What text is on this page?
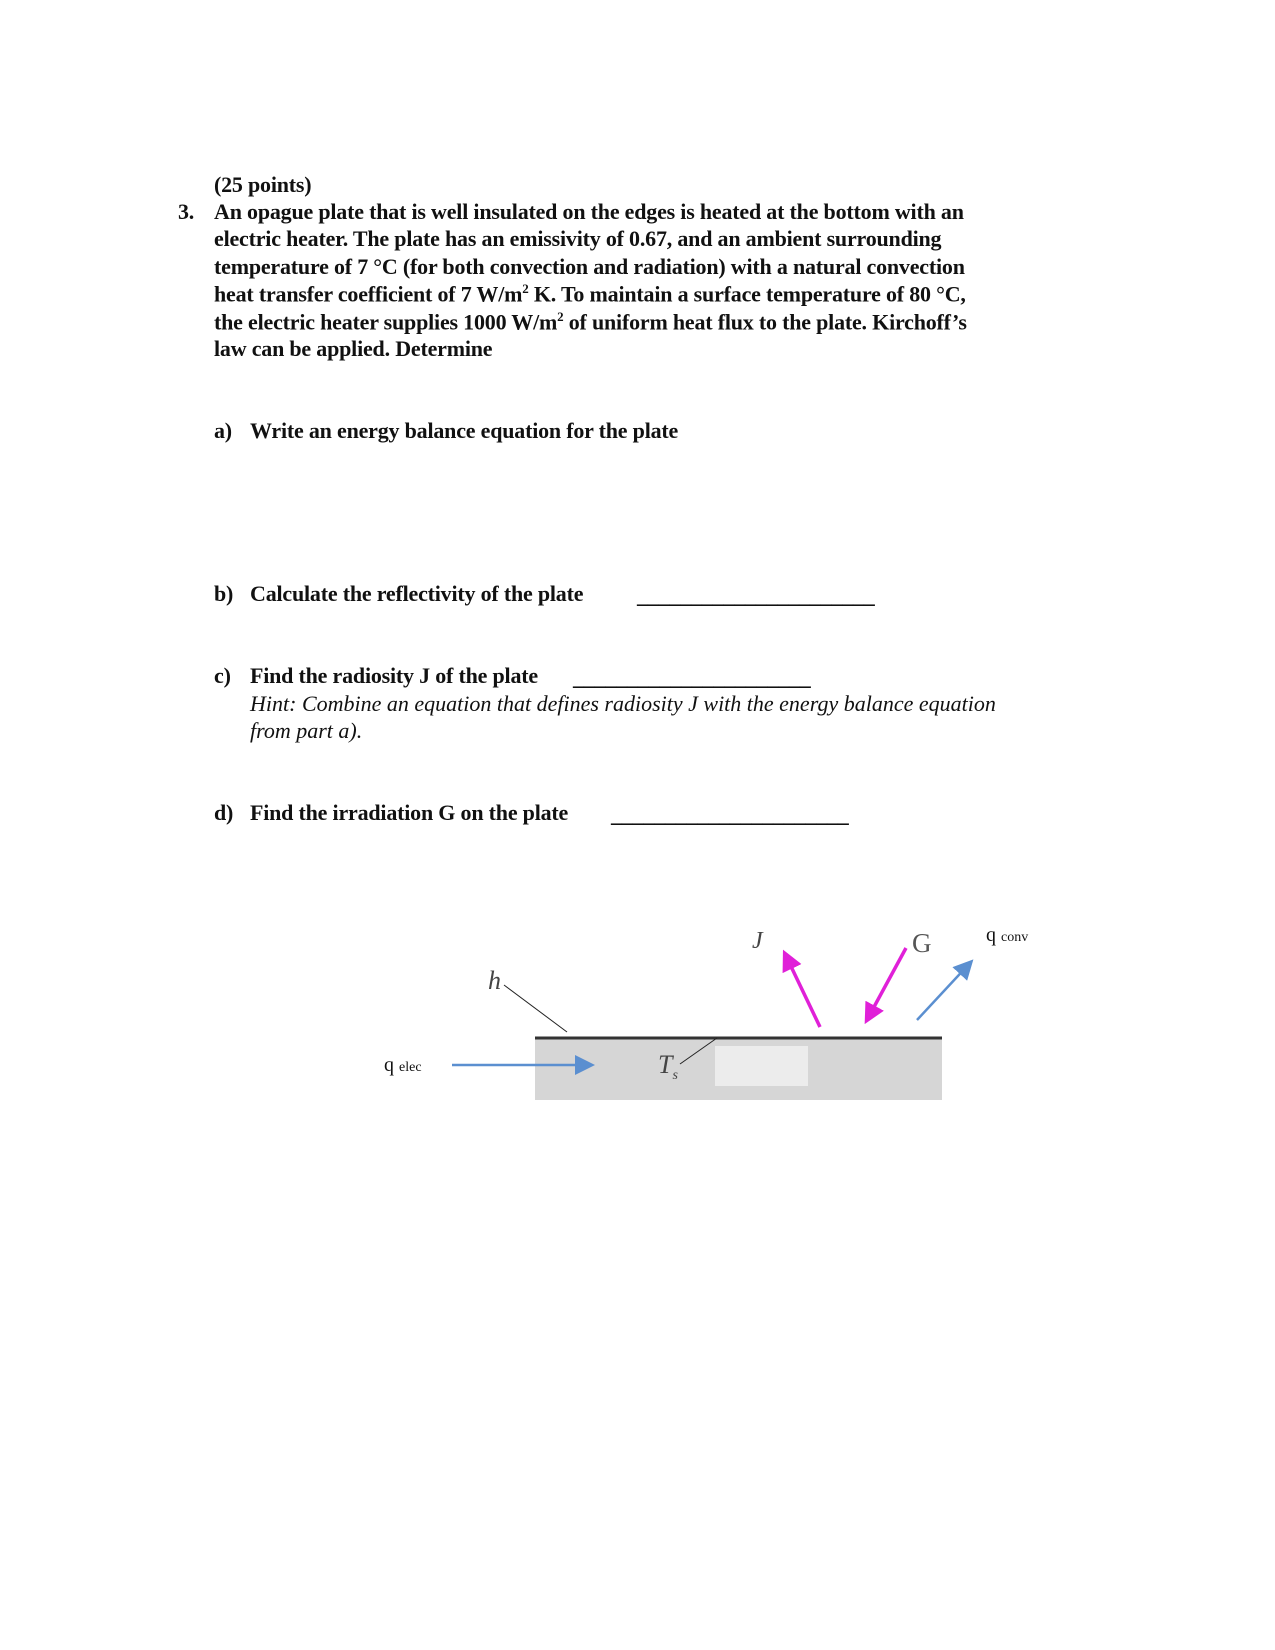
(25 points)
3. An opague plate that is well insulated on the edges is heated at the bottom with an
electric heater. The plate has an emissivity of 0.67, and an ambient surrounding
temperature of 7 °C (for both convection and radiation) with a natural convection
heat transfer coefficient of 7 $W/m^2$ K. To maintain a surface temperature of 80 °C,
the electric heater supplies 1000 $W/m^2$ of uniform heat flux to the plate. Kirchoff’s
law can be applied. Determine
a) Write an energy balance equation for the plate
b) Calculate the reflectivity of the plate ______________________
c) Find the radiosity J of the plate ______________________
Hint: Combine an equation that defines radiosity J with the energy balance equation
from part a).
d) Find the irradiation G on the plate ______________________
q elec
q conv
h
$T_s$
J	G
